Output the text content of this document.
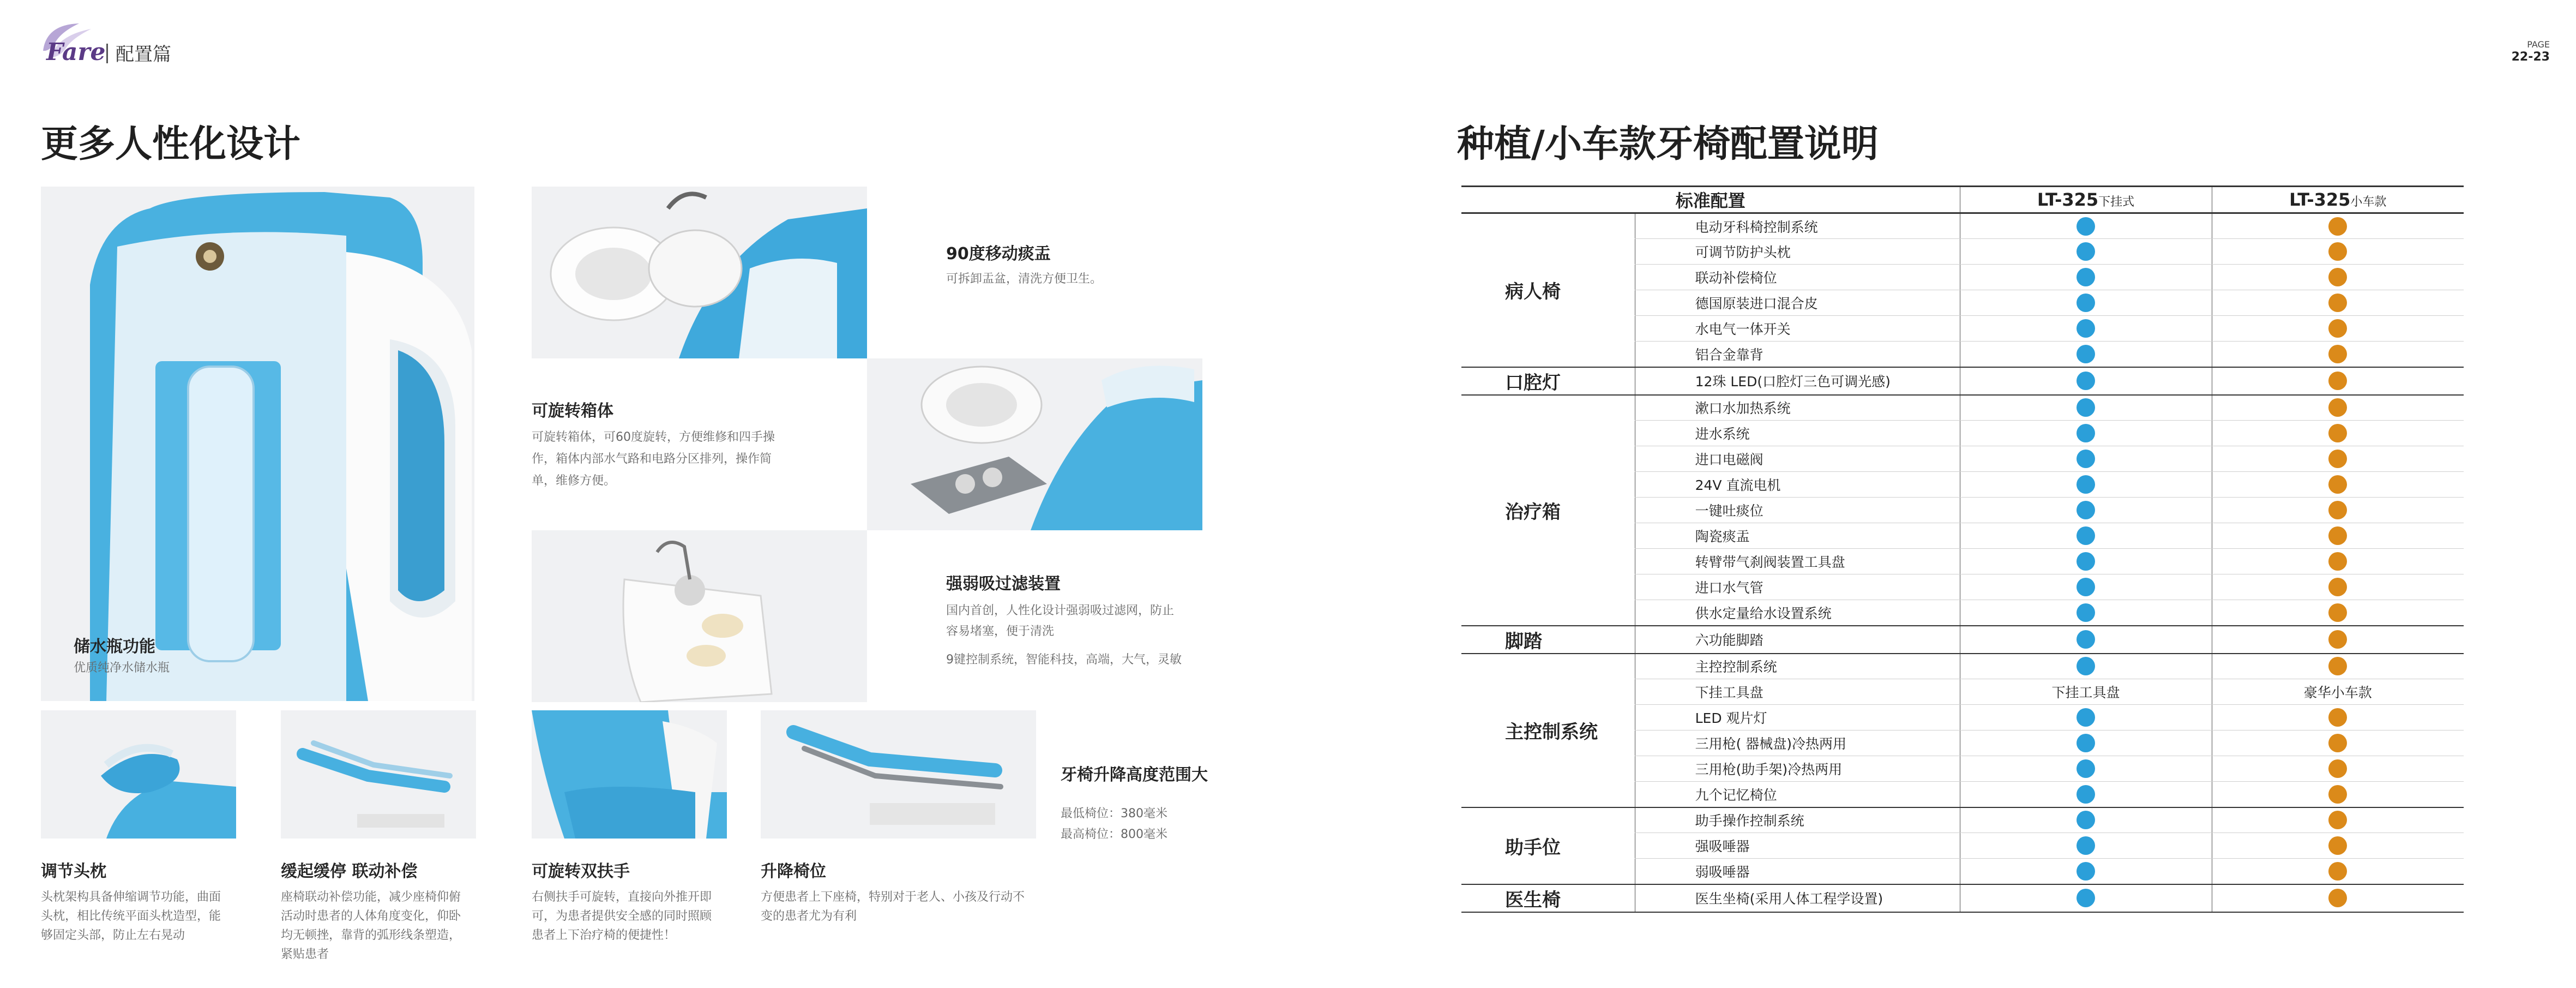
Fare 配置篇	PAGE
22-23
更多人性化设计
储水瓶功能
优质纯净水储水瓶
90度移动痰盂
可拆卸盂盆，清洗方便卫生。
可旋转箱体
可旋转箱体，可60度旋转，方便维修和四手操
作，箱体内部水气路和电路分区排列，操作简
单，维修方便。
强弱吸过滤装置
国内首创，人性化设计强弱吸过滤网，防止
容易堵塞，便于清洗
9键控制系统，智能科技，高端，大气，灵敏
牙椅升降高度范围大
最低椅位：380毫米
最高椅位：800毫米
调节头枕
头枕架构具备伸缩调节功能，曲面
头枕，相比传统平面头枕造型，能
够固定头部，防止左右晃动
缓起缓停 联动补偿
座椅联动补偿功能，减少座椅仰俯
活动时患者的人体角度变化，仰卧
均无顿挫，靠背的弧形线条塑造，
紧贴患者
可旋转双扶手
右侧扶手可旋转，直接向外推开即
可，为患者提供安全感的同时照顾
患者上下治疗椅的便捷性！
升降椅位
方便患者上下座椅，特别对于老人、小孩及行动不
变的患者尤为有利
种植/小车款牙椅配置说明
标准配置		LT-325下挂式	LT-325小车款
病人椅	电动牙科椅控制系统		
	可调节防护头枕		
	联动补偿椅位		
	德国原装进口混合皮		
	水电气一体开关		
	铝合金靠背		
口腔灯	12珠 LED(口腔灯三色可调光感)		
治疗箱	漱口水加热系统		
	进水系统		
	进口电磁阀		
	24V 直流电机		
	一键吐痰位		
	陶瓷痰盂		
	转臂带气刹阀装置工具盘		
	进口水气管		
	供水定量给水设置系统		
脚踏	六功能脚踏		
主控制系统	主控控制系统		
	下挂工具盘	下挂工具盘	豪华小车款
	LED 观片灯		
	三用枪( 器械盘)冷热两用		
	三用枪(助手架)冷热两用		
	九个记忆椅位		
助手位	助手操作控制系统		
	强吸唾器		
	弱吸唾器		
医生椅	医生坐椅(采用人体工程学设置)		
